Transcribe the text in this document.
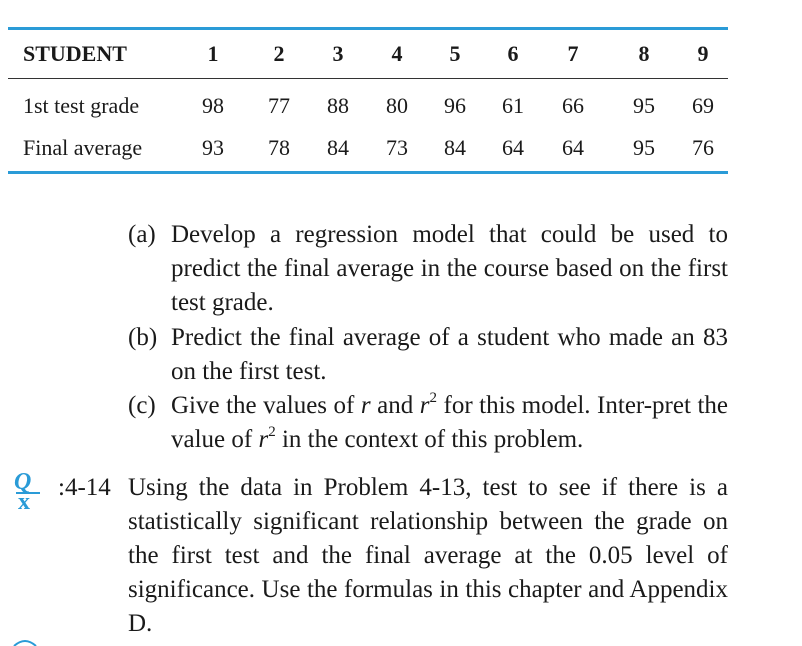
STUDENT	1	2	3	4	5	6	7	8	9
1st test grade	98	77	88	80	96	61	66	95	69
Final average	93	78	84	73	84	64	64	95	76
(a) Develop a regression model that could be used to predict the final average in the course based on the first test grade.
(b) Predict the final average of a student who made an 83 on the first test.
(c) Give the values of r and $r^2$ for this model. Inter-pret the value of $r^2$ in the context of this problem.
Q
x
:4-14 Using the data in Problem 4-13, test to see if there is a statistically significant relationship between the grade on the first test and the final average at the 0.05 level of significance. Use the formulas in this chapter and Appendix D.
